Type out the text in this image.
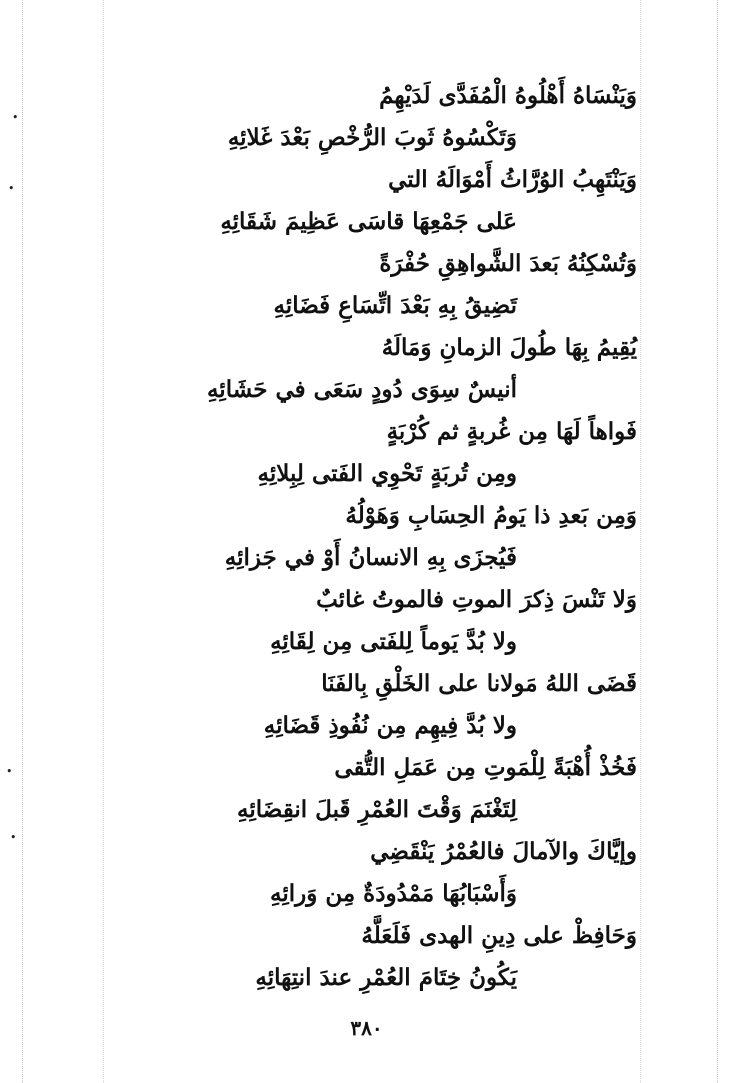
•
•
•
•
وَيَنْسَاهُ أَهْلُوهُ الْمُفَدَّى لَدَيْهِمُ
وَتَكْسُوهُ ثَوبَ الرُّخْصِ بَعْدَ غَلائِهِ
وَيَنْتَهِبُ الوُرَّاثُ أَمْوَالَهُ التي
عَلى جَمْعِهَا قاسَى عَظِيمَ شَقَائِهِ
وَتُسْكِنُهُ بَعدَ الشَّواهِقِ حُفْرَةً
تَضِيقُ بِهِ بَعْدَ اتِّسَاعِ فَضَائِهِ
يُقِيمُ بِهَا طُولَ الزمانِ وَمَالَهُ
أنيسٌ سِوَى دُودٍ سَعَى في حَشَائِهِ
فَواهاً لَهَا مِن غُربةٍ ثم كُرْبَةٍ
ومِن تُربَةٍ تَحْوِي الفَتى لِبِلائِهِ
وَمِن بَعدِ ذا يَومُ الحِسَابِ وَهَوْلُهُ
فَيُجزَى بِهِ الانسانُ أَوْ في جَزائِهِ
وَلا تَنْسَ ذِكرَ الموتِ فالموتُ غائبٌ
ولا بُدَّ يَوماً لِلفَتى مِن لِقَائِهِ
قَضَى اللهُ مَولانا على الخَلْقِ بِالفَنَا
ولا بُدَّ فِيهِم مِن نُفُوذِ قَضَائِهِ
فَخُذْ أُهْبَةً لِلْمَوتِ مِن عَمَلِ التُّقى
لِتَغْنَمَ وَقْتَ العُمْرِ قَبلَ انقِضَائِهِ
وإيَّاكَ والآمالَ فالعُمْرُ يَنْقَضِي
وَأَسْبَابُهَا مَمْدُودَةٌ مِن وَرائِهِ
وَحَافِظْ على دِينِ الهدى فَلَعَلَّهُ
يَكُونُ خِتَامَ العُمْرِ عندَ انتِهَائِهِ
٣٨٠
